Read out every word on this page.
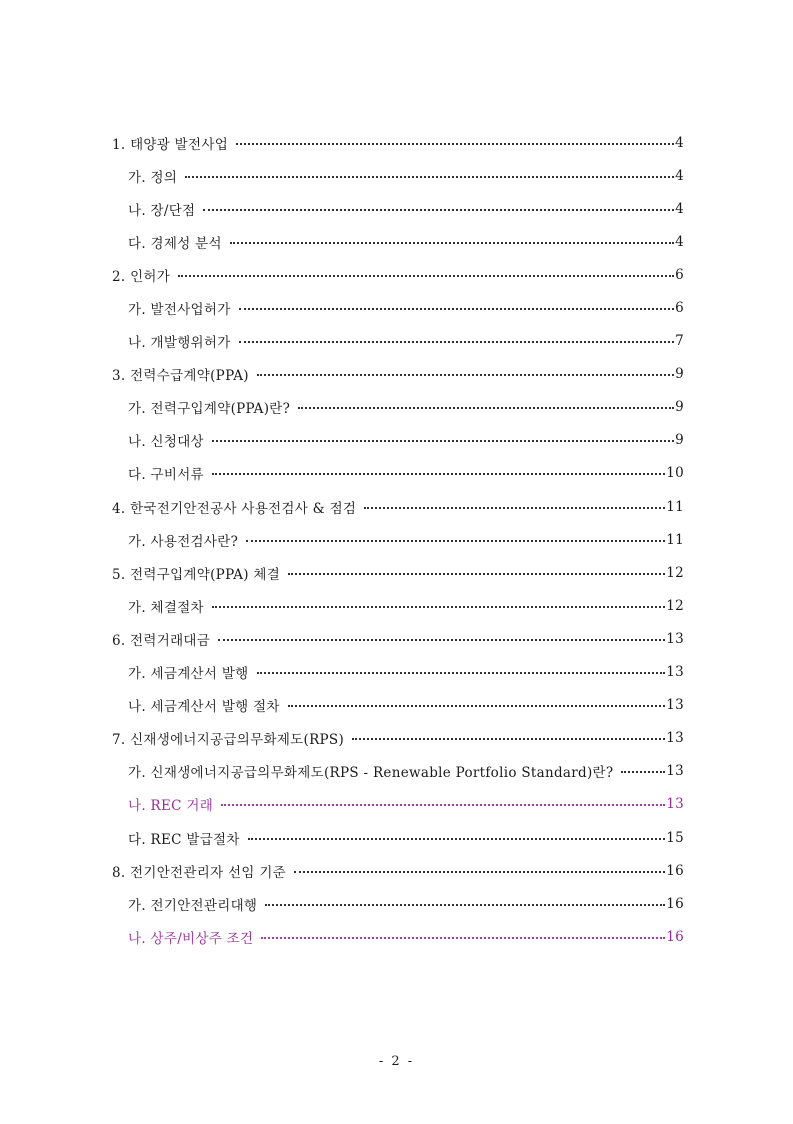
1. 태양광 발전사업	4
가. 정의	4
나. 장/단점	4
다. 경제성 분석	4
2. 인허가	6
가. 발전사업허가	6
나. 개발행위허가	7
3. 전력수급계약(PPA)	9
가. 전력구입계약(PPA)란?	9
나. 신청대상	9
다. 구비서류	10
4. 한국전기안전공사 사용전검사 & 점검	11
가. 사용전검사란?	11
5. 전력구입계약(PPA) 체결	12
가. 체결절차	12
6. 전력거래대금	13
가. 세금계산서 발행	13
나. 세금계산서 발행 절차	13
7. 신재생에너지공급의무화제도(RPS)	13
가. 신재생에너지공급의무화제도(RPS - Renewable Portfolio Standard)란?	13
나. REC 거래	13
다. REC 발급절차	15
8. 전기안전관리자 선임 기준	16
가. 전기안전관리대행	16
나. 상주/비상주 조건	16
- 2 -
